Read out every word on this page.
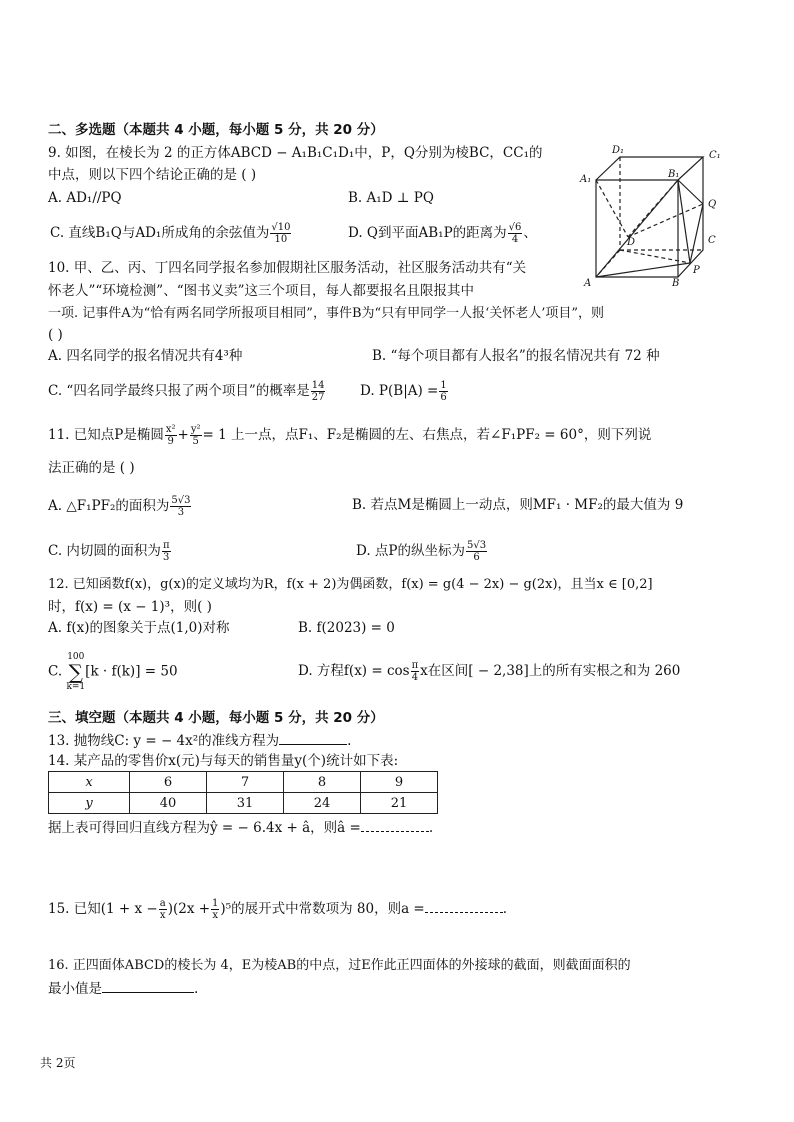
二、多选题（本题共 4 小题，每小题 5 分，共 20 分）
9. 如图，在棱长为 2 的正方体ABCD − A₁B₁C₁D₁中，P，Q分别为棱BC，CC₁的
中点，则以下四个结论正确的是 ( )
A. AD₁//PQ	B. A₁D ⊥ PQ
C. 直线B₁Q与AD₁所成角的余弦值为 $\frac{√10}{10}$	D. Q到平面AB₁P的距离为 $\frac{√6}{4}$ 、
D₁	C₁
A₁	B₁
Q
D	C
A	B
P
10. 甲、乙、丙、丁四名同学报名参加假期社区服务活动，社区服务活动共有“关
怀老人”“环境检测”、“图书义卖”这三个项目，每人都要报名且限报其中
一项. 记事件A为“恰有两名同学所报项目相同”，事件B为“只有甲同学一人报‘关怀老人’项目”，则
( )
A. 四名同学的报名情况共有4³种	B. “每个项目都有人报名”的报名情况共有 72 种
C. “四名同学最终只报了两个项目”的概率是 $\frac{14}{27}$	D. $P(B|A) = \frac{1}{6}$
11. 已知点P是椭圆 $\frac{\text{x²}}{9} + \frac{\text{y²}}{5} = 1$ 上一点，点F₁、F₂是椭圆的左、右焦点，若∠F₁PF₂ = 60°，则下列说
法正确的是 ( )
A. △F₁PF₂的面积为 $\frac{5√3}{3}$	B. 若点M是椭圆上一动点，则MF₁ · MF₂的最大值为 9
C. 内切圆的面积为 $\frac{\pi}{3}$	D. 点P的纵坐标为 $\frac{5√3}{6}$
12. 已知函数f(x)，g(x)的定义域均为R，f(x + 2)为偶函数，f(x) = g(4 − 2x) − g(2x)，且当x ∈ [0,2]
时，f(x) = (x − 1)³，则( )
A. f(x)的图象关于点(1,0)对称	B. f(2023) = 0
C. 100
∑
k=1[k · f(k)] = 50	D. 方程$f(x) = \cos \frac{\pi}{4}$ x在区间[ − 2,38]上的所有实根之和为 260
三、填空题（本题共 4 小题，每小题 5 分，共 20 分）
13. 抛物线C: y = − 4x²的准线方程为	.
14. 某产品的零售价x(元)与每天的销售量y(个)统计如下表:
x	6	7	8	9
y	40	31	24	21
据上表可得回归直线方程为ŷ = − 6.4x + â，则â =	.
15. 已知$(1 + x - \frac{a}{x} )(2x + \frac{1}{x} )^5$的展开式中常数项为 80，则a =	.
16. 正四面体ABCD的棱长为 4，E为棱AB的中点，过E作此正四面体的外接球的截面，则截面面积的
最小值是	.
共 2页
